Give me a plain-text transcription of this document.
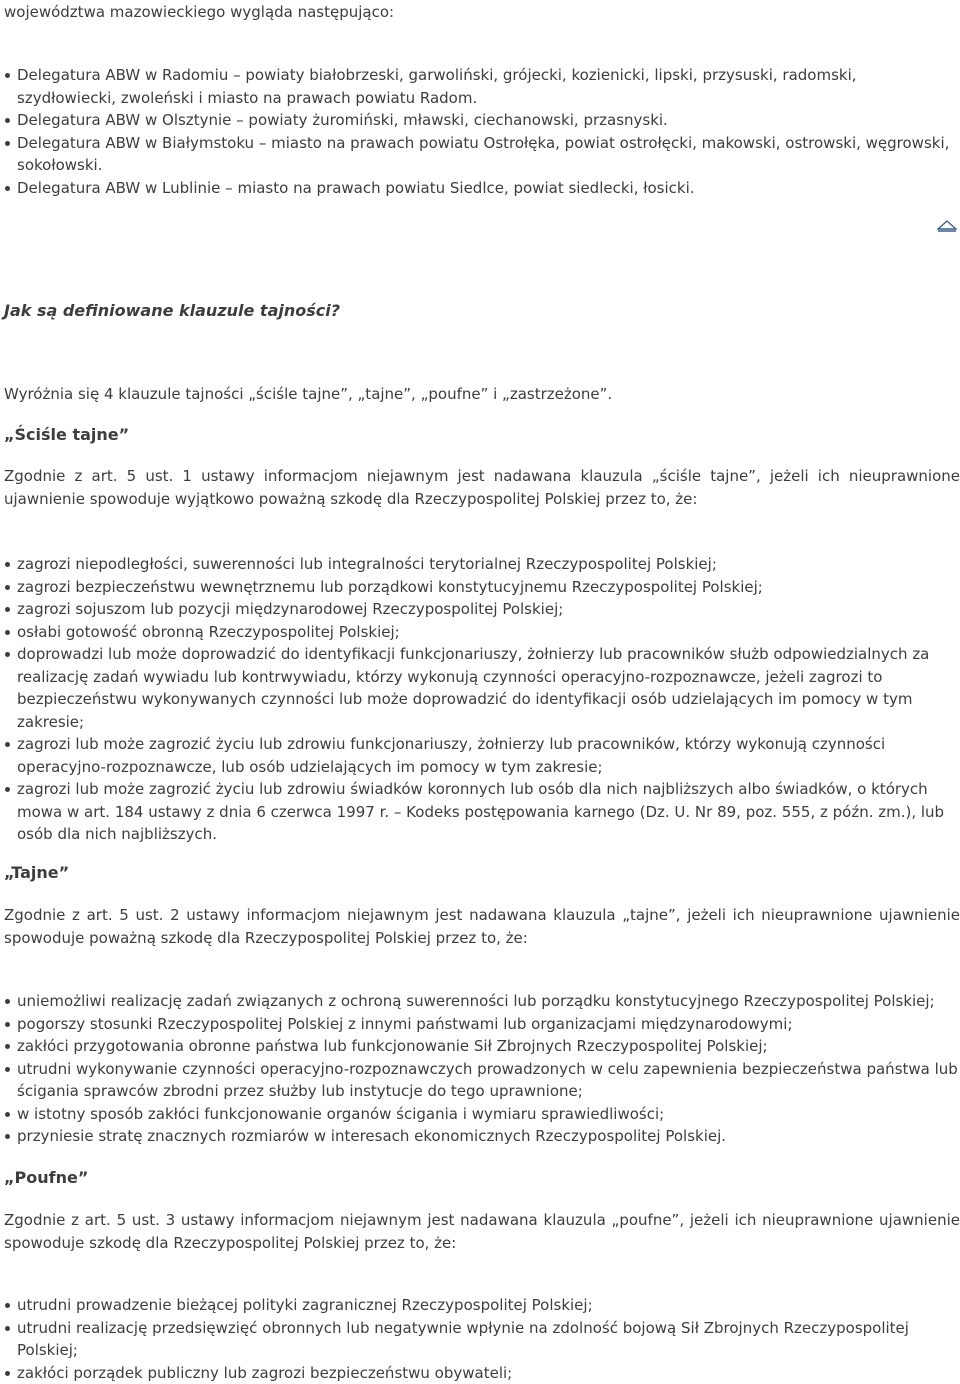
województwa mazowieckiego wygląda następująco:

Delegatura ABW w Radomiu – powiaty białobrzeski, garwoliński, grójecki, kozienicki, lipski, przysuski, radomski, szydłowiecki, zwoleński i miasto na prawach powiatu Radom.
Delegatura ABW w Olsztynie – powiaty żuromiński, mławski, ciechanowski, przasnyski.
Delegatura ABW w Białymstoku – miasto na prawach powiatu Ostrołęka, powiat ostrołęcki, makowski, ostrowski, węgrowski, sokołowski.
Delegatura ABW w Lublinie – miasto na prawach powiatu Siedlce, powiat siedlecki, łosicki.
Jak są definiowane klauzule tajności?

Wyróżnia się 4 klauzule tajności „ściśle tajne”, „tajne”, „poufne” i „zastrzeżone”.

„Ściśle tajne”

Zgodnie z art. 5 ust. 1 ustawy informacjom niejawnym jest nadawana klauzula „ściśle tajne”, jeżeli ich nieuprawnione ujawnienie spowoduje wyjątkowo poważną szkodę dla Rzeczypospolitej Polskiej przez to, że:

zagrozi niepodległości, suwerenności lub integralności terytorialnej Rzeczypospolitej Polskiej;
zagrozi bezpieczeństwu wewnętrznemu lub porządkowi konstytucyjnemu Rzeczypospolitej Polskiej;
zagrozi sojuszom lub pozycji międzynarodowej Rzeczypospolitej Polskiej;
osłabi gotowość obronną Rzeczypospolitej Polskiej;
doprowadzi lub może doprowadzić do identyfikacji funkcjonariuszy, żołnierzy lub pracowników służb odpowiedzialnych za realizację zadań wywiadu lub kontrwywiadu, którzy wykonują czynności operacyjno-rozpoznawcze, jeżeli zagrozi to bezpieczeństwu wykonywanych czynności lub może doprowadzić do identyfikacji osób udzielających im pomocy w tym zakresie;
zagrozi lub może zagrozić życiu lub zdrowiu funkcjonariuszy, żołnierzy lub pracowników, którzy wykonują czynności operacyjno-rozpoznawcze, lub osób udzielających im pomocy w tym zakresie;
zagrozi lub może zagrozić życiu lub zdrowiu świadków koronnych lub osób dla nich najbliższych albo świadków, o których mowa w art. 184 ustawy z dnia 6 czerwca 1997 r. – Kodeks postępowania karnego (Dz. U. Nr 89, poz. 555, z późn. zm.), lub osób dla nich najbliższych.
„Tajne”

Zgodnie z art. 5 ust. 2 ustawy informacjom niejawnym jest nadawana klauzula „tajne”, jeżeli ich nieuprawnione ujawnienie spowoduje poważną szkodę dla Rzeczypospolitej Polskiej przez to, że:

uniemożliwi realizację zadań związanych z ochroną suwerenności lub porządku konstytucyjnego Rzeczypospolitej Polskiej;
pogorszy stosunki Rzeczypospolitej Polskiej z innymi państwami lub organizacjami międzynarodowymi;
zakłóci przygotowania obronne państwa lub funkcjonowanie Sił Zbrojnych Rzeczypospolitej Polskiej;
utrudni wykonywanie czynności operacyjno-rozpoznawczych prowadzonych w celu zapewnienia bezpieczeństwa państwa lub ścigania sprawców zbrodni przez służby lub instytucje do tego uprawnione;
w istotny sposób zakłóci funkcjonowanie organów ścigania i wymiaru sprawiedliwości;
przyniesie stratę znacznych rozmiarów w interesach ekonomicznych Rzeczypospolitej Polskiej.
„Poufne”

Zgodnie z art. 5 ust. 3 ustawy informacjom niejawnym jest nadawana klauzula „poufne”, jeżeli ich nieuprawnione ujawnienie spowoduje szkodę dla Rzeczypospolitej Polskiej przez to, że:

utrudni prowadzenie bieżącej polityki zagranicznej Rzeczypospolitej Polskiej;
utrudni realizację przedsięwzięć obronnych lub negatywnie wpłynie na zdolność bojową Sił Zbrojnych Rzeczypospolitej Polskiej;
zakłóci porządek publiczny lub zagrozi bezpieczeństwu obywateli;
